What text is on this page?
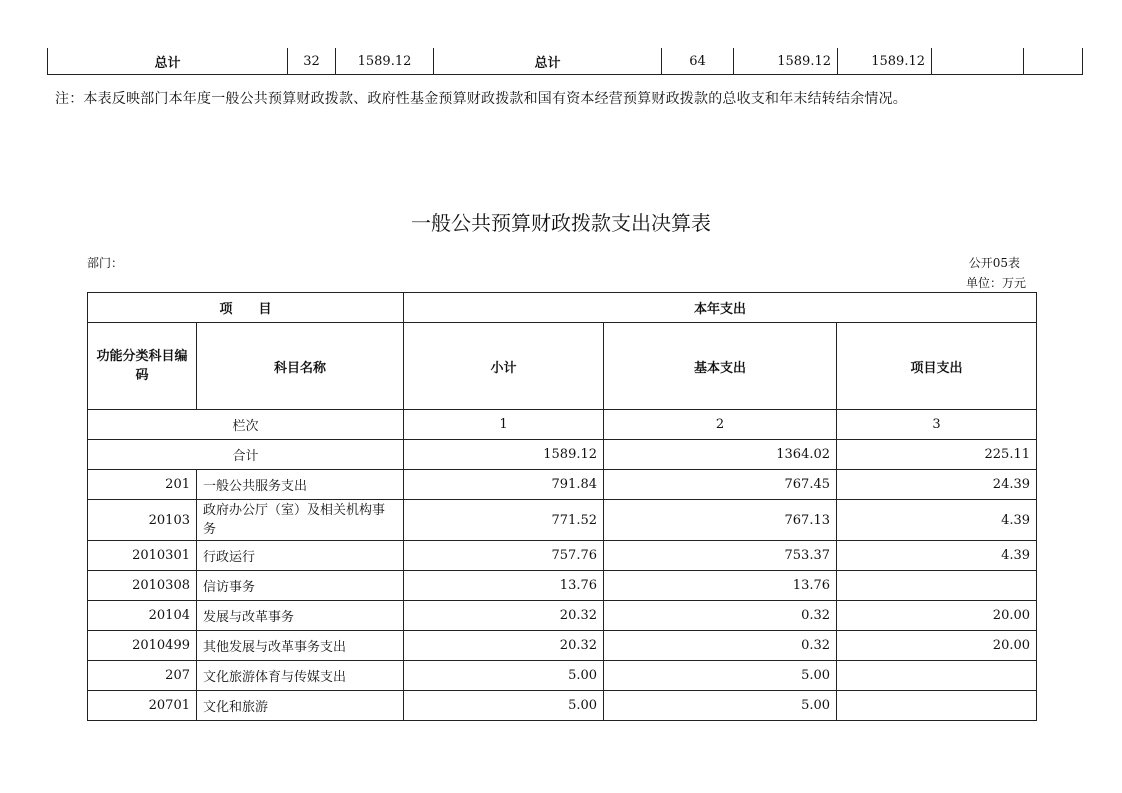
总计	32	1589.12	总计	64	1589.12	1589.12		
注：本表反映部门本年度一般公共预算财政拨款、政府性基金预算财政拨款和国有资本经营预算财政拨款的总收支和年末结转结余情况。
一般公共预算财政拨款支出决算表
部门：	公开05表
单位：万元
项　　目		本年支出		
功能分类科目编码	科目名称	小计	基本支出	项目支出
栏次		1	2	3
合计		1589.12	1364.02	225.11
201	一般公共服务支出	791.84	767.45	24.39
20103	政府办公厅（室）及相关机构事务	771.52	767.13	4.39
2010301	行政运行	757.76	753.37	4.39
2010308	信访事务	13.76	13.76	
20104	发展与改革事务	20.32	0.32	20.00
2010499	其他发展与改革事务支出	20.32	0.32	20.00
207	文化旅游体育与传媒支出	5.00	5.00	
20701	文化和旅游	5.00	5.00	
